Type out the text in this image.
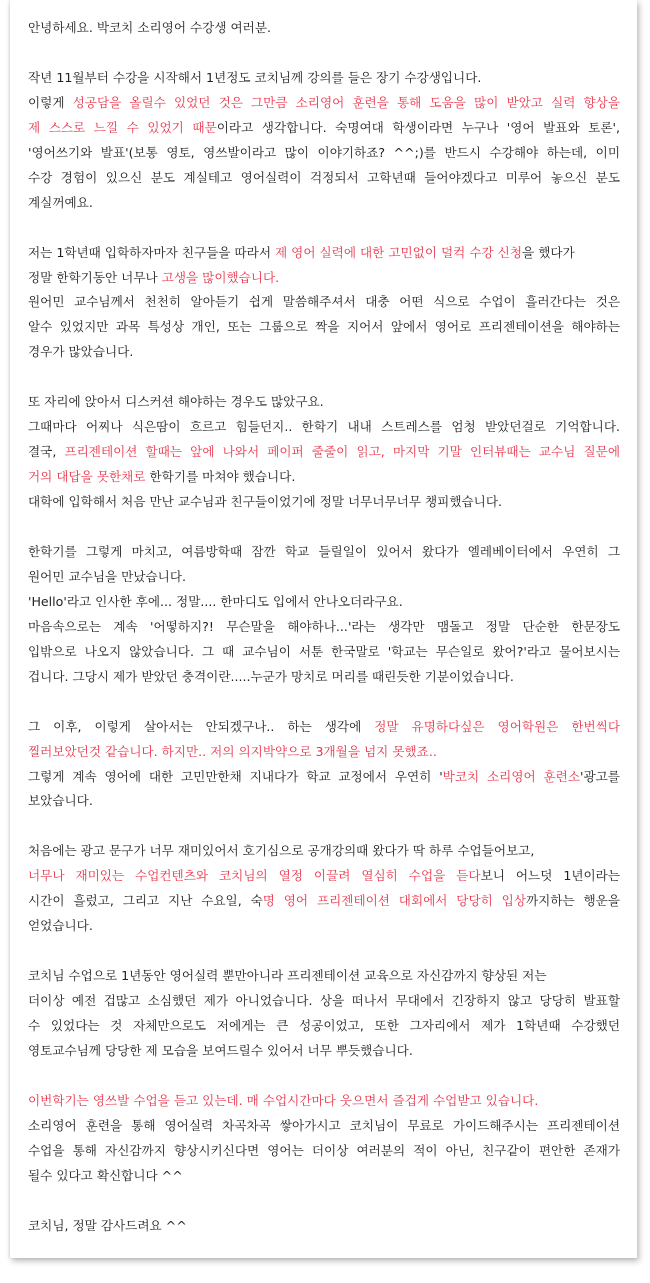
안녕하세요. 박코치 소리영어 수강생 여러분.
작년 11월부터 수강을 시작해서 1년정도 코치님께 강의를 들은 장기 수강생입니다.
이렇게 성공담을 올릴수 있었던 것은 그만큼 소리영어 훈련을 통해 도움을 많이 받았고 실력 향상을
제 스스로 느낄 수 있었기 때문이라고 생각합니다. 숙명여대 학생이라면 누구나 '영어 발표와 토론',
'영어쓰기와 발표'(보통 영토, 영쓰발이라고 많이 이야기하죠? ^^;)를 반드시 수강해야 하는데, 이미
수강 경험이 있으신 분도 계실테고 영어실력이 걱정되서 고학년때 들어야겠다고 미루어 놓으신 분도
계실꺼예요.
저는 1학년때 입학하자마자 친구들을 따라서 제 영어 실력에 대한 고민없이 덜컥 수강 신청을 했다가
정말 한학기동안 너무나 고생을 많이했습니다.
원어민 교수님께서 천천히 알아듣기 쉽게 말씀해주셔서 대충 어떤 식으로 수업이 흘러간다는 것은
알수 있었지만 과목 특성상 개인, 또는 그룹으로 짝을 지어서 앞에서 영어로 프리젠테이션을 해야하는
경우가 많았습니다.
또 자리에 앉아서 디스커션 해야하는 경우도 많았구요.
그때마다 어찌나 식은땀이 흐르고 힘들던지.. 한학기 내내 스트레스를 엄청 받았던걸로 기억합니다.
결국, 프리젠테이션 할때는 앞에 나와서 페이퍼 줄줄이 읽고, 마지막 기말 인터뷰때는 교수님 질문에
거의 대답을 못한채로 한학기를 마쳐야 했습니다.
대학에 입학해서 처음 만난 교수님과 친구들이었기에 정말 너무너무너무 챙피했습니다.
한학기를 그렇게 마치고, 여름방학때 잠깐 학교 들릴일이 있어서 왔다가 엘레베이터에서 우연히 그
원어민 교수님을 만났습니다.
'Hello'라고 인사한 후에... 정말.... 한마디도 입에서 안나오더라구요.
마음속으로는 계속 '어떻하지?! 무슨말을 해야하나...'라는 생각만 맴돌고 정말 단순한 한문장도
입밖으로 나오지 않았습니다. 그 때 교수님이 서툰 한국말로 '학교는 무슨일로 왔어?'라고 물어보시는
겁니다. 그당시 제가 받았던 충격이란.....누군가 망치로 머리를 때린듯한 기분이었습니다.
그 이후, 이렇게 살아서는 안되겠구나.. 하는 생각에 정말 유명하다싶은 영어학원은 한번씩다
찔러보았던것 같습니다. 하지만.. 저의 의지박약으로 3개월을 넘지 못했죠..
그렇게 계속 영어에 대한 고민만한채 지내다가 학교 교정에서 우연히 '박코치 소리영어 훈련소'광고를
보았습니다.
처음에는 광고 문구가 너무 재미있어서 호기심으로 공개강의때 왔다가 딱 하루 수업들어보고,
너무나 재미있는 수업컨텐츠와 코치님의 열정 이끌려 열심히 수업을 듣다보니 어느덧 1년이라는
시간이 흘렀고, 그리고 지난 수요일, 숙명 영어 프리젠테이션 대회에서 당당히 입상까지하는 행운을
얻었습니다.
코치님 수업으로 1년동안 영어실력 뿐만아니라 프리젠테이션 교육으로 자신감까지 향상된 저는
더이상 예전 겁많고 소심했던 제가 아니었습니다. 상을 떠나서 무대에서 긴장하지 않고 당당히 발표할
수 있었다는 것 자체만으로도 저에게는 큰 성공이었고, 또한 그자리에서 제가 1학년때 수강했던
영토교수님께 당당한 제 모습을 보여드릴수 있어서 너무 뿌듯했습니다.
이번학기는 영쓰발 수업을 듣고 있는데. 매 수업시간마다 웃으면서 즐겁게 수업받고 있습니다.
소리영어 훈련을 통해 영어실력 차곡차곡 쌓아가시고 코치님이 무료로 가이드해주시는 프리젠테이션
수업을 통해 자신감까지 향상시키신다면 영어는 더이상 여러분의 적이 아닌, 친구같이 편안한 존재가
될수 있다고 확신합니다 ^^
코치님, 정말 감사드려요 ^^
